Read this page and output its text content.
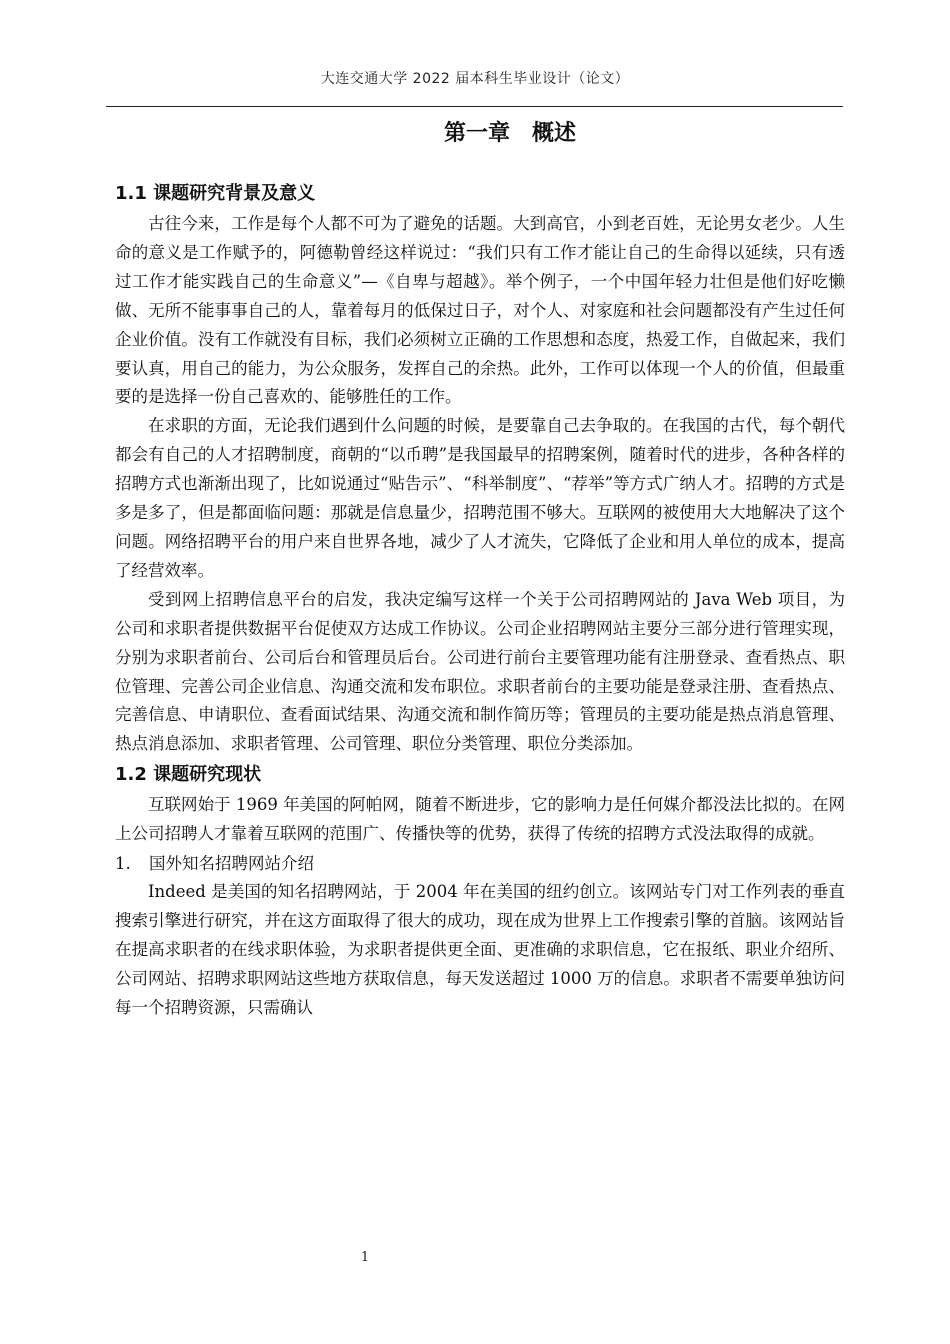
大连交通大学 2022 届本科生毕业设计（论文）
第一章　概述
1.1 课题研究背景及意义

古往今来，工作是每个人都不可为了避免的话题。大到高官，小到老百姓，无论男女老少。人生命的意义是工作赋予的，阿德勒曾经这样说过：“我们只有工作才能让自己的生命得以延续，只有透过工作才能实践自己的生命意义”—《自卑与超越》。举个例子，一个中国年轻力壮但是他们好吃懒做、无所不能事事自己的人，靠着每月的低保过日子，对个人、对家庭和社会问题都没有产生过任何企业价值。没有工作就没有目标，我们必须树立正确的工作思想和态度，热爱工作，自做起来，我们要认真，用自己的能力，为公众服务，发挥自己的余热。此外，工作可以体现一个人的价值，但最重要的是选择一份自己喜欢的、能够胜任的工作。

在求职的方面，无论我们遇到什么问题的时候，是要靠自己去争取的。在我国的古代，每个朝代都会有自己的人才招聘制度，商朝的“以币聘”是我国最早的招聘案例，随着时代的进步，各种各样的招聘方式也渐渐出现了，比如说通过“贴告示”、“科举制度”、“荐举”等方式广纳人才。招聘的方式是多是多了，但是都面临问题：那就是信息量少，招聘范围不够大。互联网的被使用大大地解决了这个问题。网络招聘平台的用户来自世界各地，减少了人才流失，它降低了企业和用人单位的成本，提高了经营效率。

受到网上招聘信息平台的启发，我决定编写这样一个关于公司招聘网站的 Java Web 项目，为公司和求职者提供数据平台促使双方达成工作协议。公司企业招聘网站主要分三部分进行管理实现，分别为求职者前台、公司后台和管理员后台。公司进行前台主要管理功能有注册登录、查看热点、职位管理、完善公司企业信息、沟通交流和发布职位。求职者前台的主要功能是登录注册、查看热点、完善信息、申请职位、查看面试结果、沟通交流和制作简历等；管理员的主要功能是热点消息管理、热点消息添加、求职者管理、公司管理、职位分类管理、职位分类添加。

1.2 课题研究现状

互联网始于 1969 年美国的阿帕网，随着不断进步，它的影响力是任何媒介都没法比拟的。在网上公司招聘人才靠着互联网的范围广、传播快等的优势，获得了传统的招聘方式没法取得的成就。

1. 国外知名招聘网站介绍

Indeed 是美国的知名招聘网站，于 2004 年在美国的纽约创立。该网站专门对工作列表的垂直搜索引擎进行研究，并在这方面取得了很大的成功，现在成为世界上工作搜索引擎的首脑。该网站旨在提高求职者的在线求职体验，为求职者提供更全面、更准确的求职信息，它在报纸、职业介绍所、公司网站、招聘求职网站这些地方获取信息，每天发送超过 1000 万的信息。求职者不需要单独访问每一个招聘资源，只需确认

1
